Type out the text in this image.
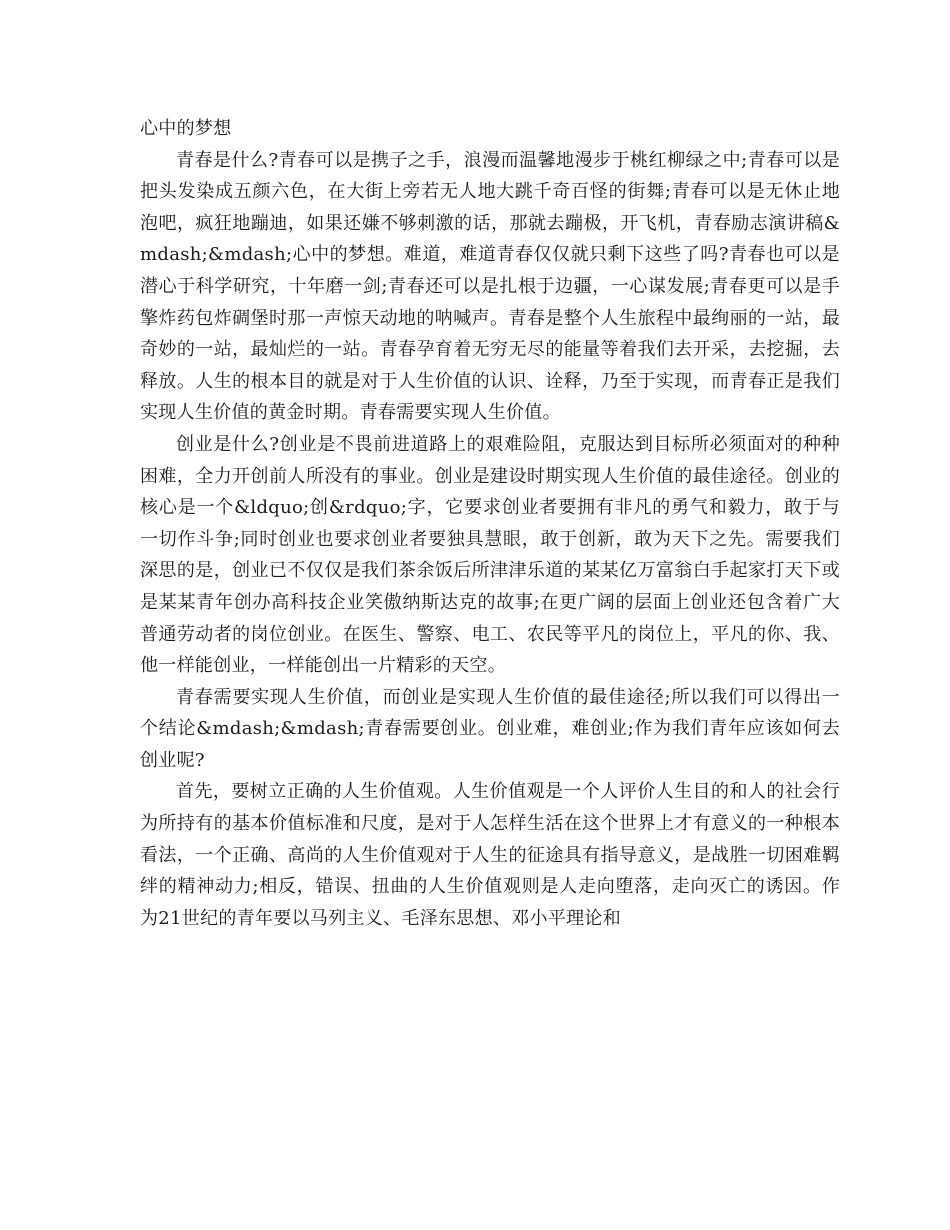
心中的梦想

青春是什么?青春可以是携子之手，浪漫而温馨地漫步于桃红柳绿之中;青春可以是把头发染成五颜六色，在大街上旁若无人地大跳千奇百怪的街舞;青春可以是无休止地泡吧，疯狂地蹦迪，如果还嫌不够刺激的话，那就去蹦极，开飞机，青春励志演讲稿&mdash;&mdash;心中的梦想。难道，难道青春仅仅就只剩下这些了吗?青春也可以是潜心于科学研究，十年磨一剑;青春还可以是扎根于边疆，一心谋发展;青春更可以是手擎炸药包炸碉堡时那一声惊天动地的呐喊声。青春是整个人生旅程中最绚丽的一站，最奇妙的一站，最灿烂的一站。青春孕育着无穷无尽的能量等着我们去开采，去挖掘，去释放。人生的根本目的就是对于人生价值的认识、诠释，乃至于实现，而青春正是我们实现人生价值的黄金时期。青春需要实现人生价值。

创业是什么?创业是不畏前进道路上的艰难险阻，克服达到目标所必须面对的种种困难，全力开创前人所没有的事业。创业是建设时期实现人生价值的最佳途径。创业的核心是一个&ldquo;创&rdquo;字，它要求创业者要拥有非凡的勇气和毅力，敢于与一切作斗争;同时创业也要求创业者要独具慧眼，敢于创新，敢为天下之先。需要我们深思的是，创业已不仅仅是我们茶余饭后所津津乐道的某某亿万富翁白手起家打天下或是某某青年创办高科技企业笑傲纳斯达克的故事;在更广阔的层面上创业还包含着广大普通劳动者的岗位创业。在医生、警察、电工、农民等平凡的岗位上，平凡的你、我、他一样能创业，一样能创出一片精彩的天空。

青春需要实现人生价值，而创业是实现人生价值的最佳途径;所以我们可以得出一个结论&mdash;&mdash;青春需要创业。创业难，难创业;作为我们青年应该如何去创业呢?

首先，要树立正确的人生价值观。人生价值观是一个人评价人生目的和人的社会行为所持有的基本价值标准和尺度，是对于人怎样生活在这个世界上才有意义的一种根本看法，一个正确、高尚的人生价值观对于人生的征途具有指导意义，是战胜一切困难羁绊的精神动力;相反，错误、扭曲的人生价值观则是人走向堕落，走向灭亡的诱因。作为21世纪的青年要以马列主义、毛泽东思想、邓小平理论和
